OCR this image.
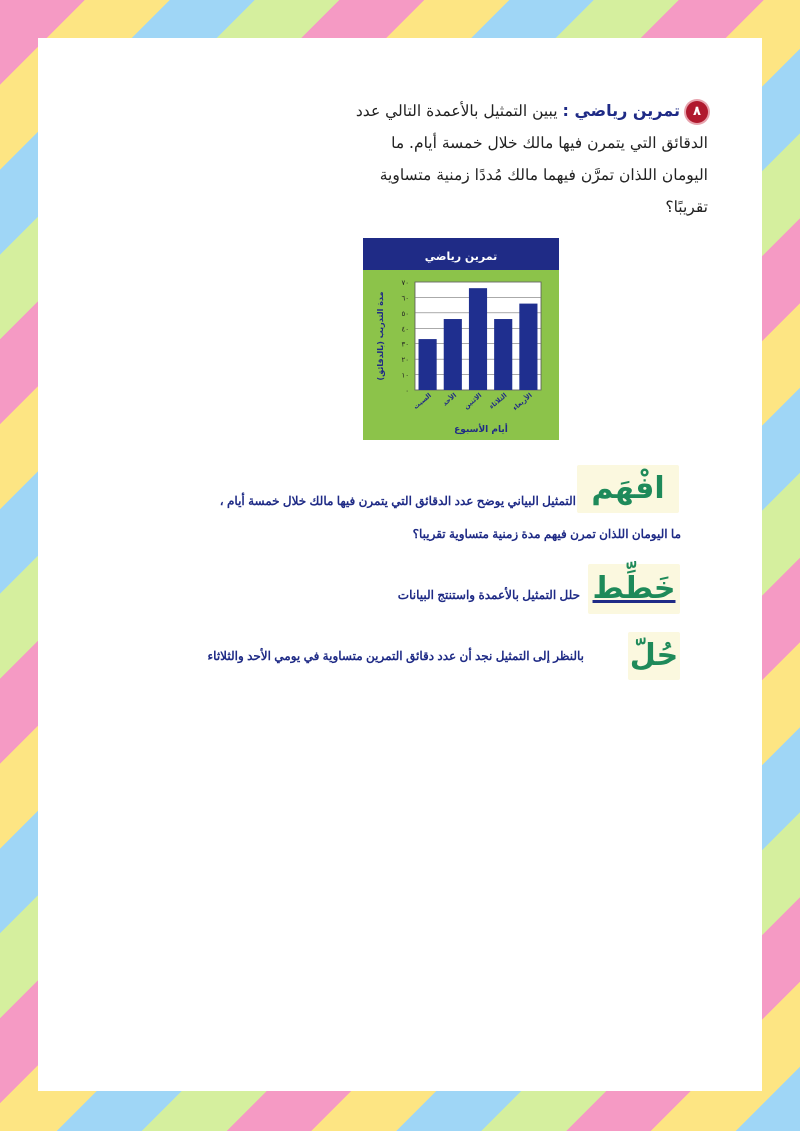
٨تمرين رياضي : يبين التمثيل بالأعمدة التالي عدد
الدقائق التي يتمرن فيها مالك خلال خمسة أيام. ما
اليومان اللذان تمرَّن فيهما مالك مُددًا زمنية متساوية
تقريبًا؟
تمرين رياضي
٠
١٠
٢٠
٣٠
٤٠
٥٠
٦٠
٧٠
السبت الأحد الاثنين الثلاثاء الأربعاء
مدة التدريب (بالدقائق)
أيام الأسبوع
افْهَم
التمثيل البياني يوضح عدد الدقائق التي يتمرن فيها مالك خلال خمسة أيام ،
ما اليومان اللذان تمرن فيهم مدة زمنية متساوية تقريبا؟
خَطِّط
حلل التمثيل بالأعمدة واستنتج البيانات
حُلّ
بالنظر إلى التمثيل نجد أن عدد دقائق التمرين متساوية في يومي الأحد والثلاثاء
